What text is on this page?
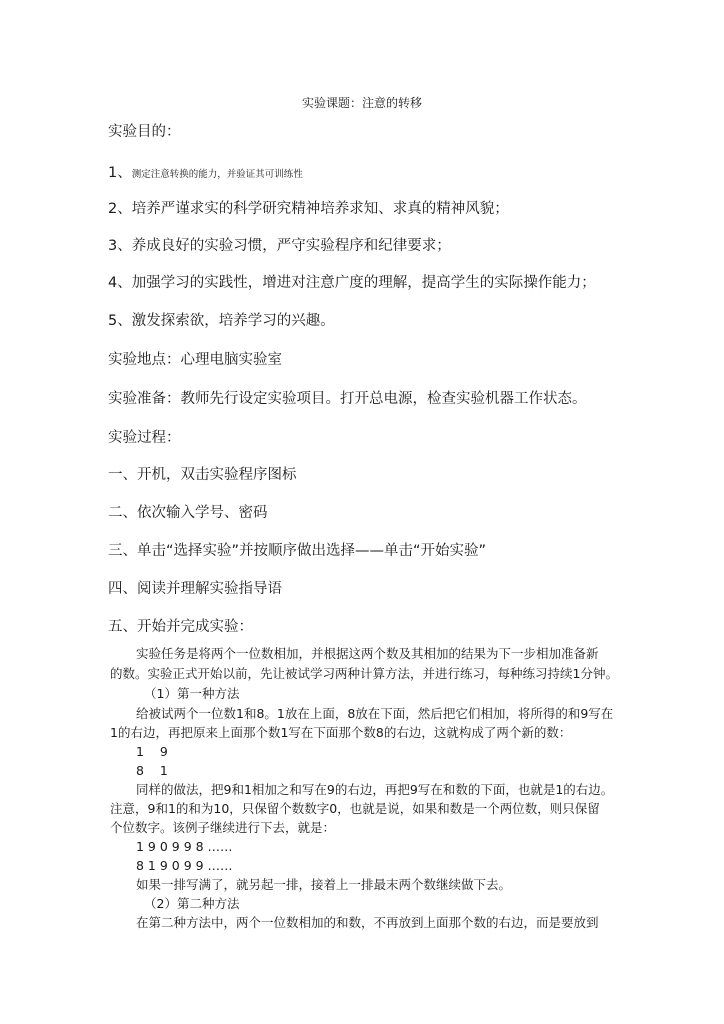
实验课题：注意的转移
实验目的：
1、测定注意转换的能力，并验证其可训练性
2、培养严谨求实的科学研究精神培养求知、求真的精神风貌；
3、养成良好的实验习惯，严守实验程序和纪律要求；
4、加强学习的实践性，增进对注意广度的理解，提高学生的实际操作能力；
5、激发探索欲，培养学习的兴趣。
实验地点：心理电脑实验室
实验准备：教师先行设定实验项目。打开总电源，检查实验机器工作状态。
实验过程：
一、开机，双击实验程序图标
二、依次输入学号、密码
三、单击“选择实验”并按顺序做出选择——单击“开始实验”
四、阅读并理解实验指导语
五、开始并完成实验：
实验任务是将两个一位数相加，并根据这两个数及其相加的结果为下一步相加准备新
的数。实验正式开始以前，先让被试学习两种计算方法，并进行练习，每种练习持续1分钟。
（1）第一种方法
给被试两个一位数1和8。1放在上面，8放在下面，然后把它们相加，将所得的和9写在
1的右边，再把原来上面那个数1写在下面那个数8的右边，这就构成了两个新的数：
1    9
8    1
同样的做法，把9和1相加之和写在9的右边，再把9写在和数的下面，也就是1的右边。
注意，9和1的和为10，只保留个数数字0，也就是说，如果和数是一个两位数，则只保留
个位数字。该例子继续进行下去，就是：
1 9 0 9 9 8 ……
8 1 9 0 9 9 ……
如果一排写满了，就另起一排，接着上一排最末两个数继续做下去。
（2）第二种方法
在第二种方法中，两个一位数相加的和数，不再放到上面那个数的右边，而是要放到
